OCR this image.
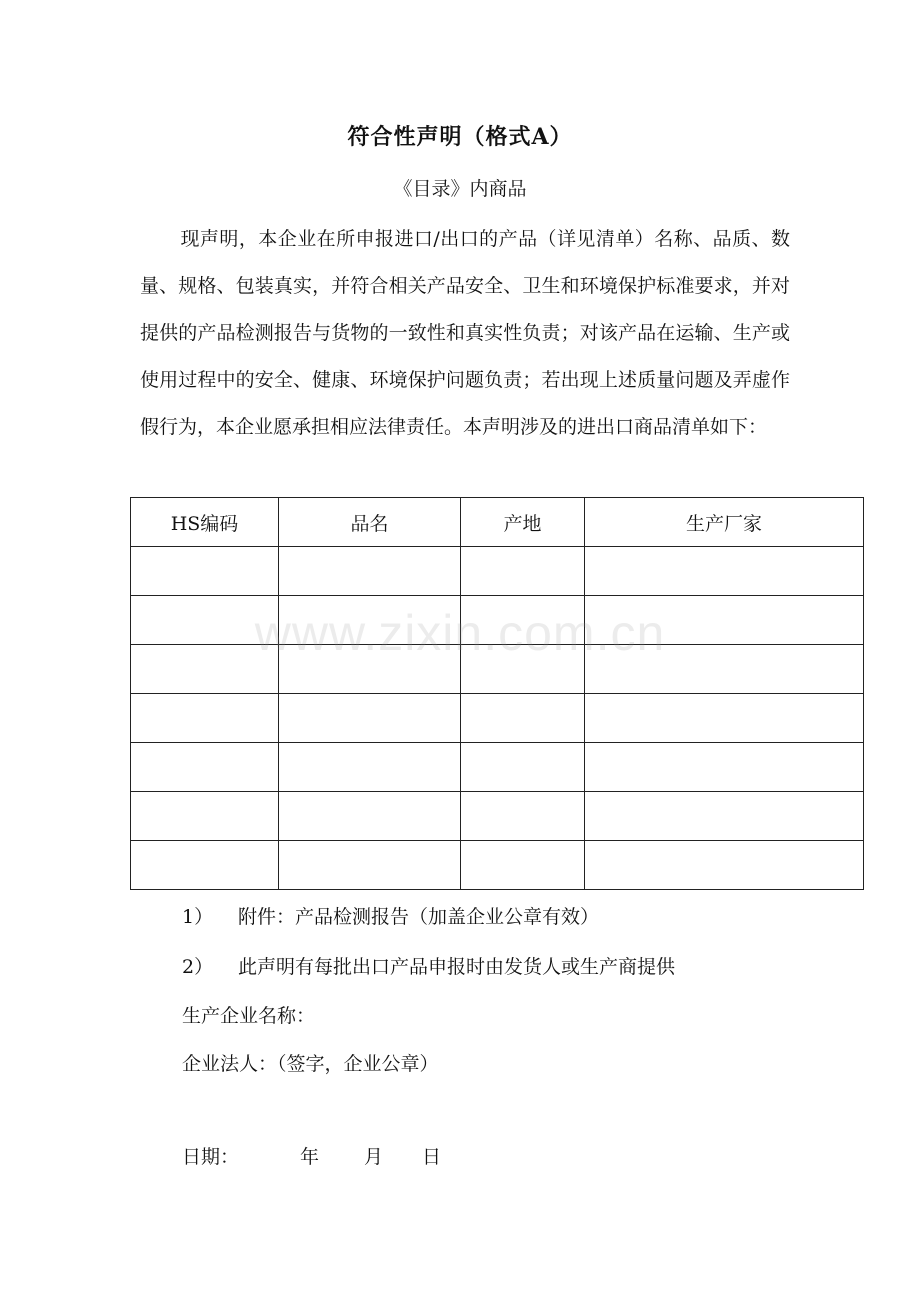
符合性声明（格式A）
《目录》内商品
现声明，本企业在所申报进口/出口的产品（详见清单）名称、品质、数量、规格、包装真实，并符合相关产品安全、卫生和环境保护标准要求，并对提供的产品检测报告与货物的一致性和真实性负责；对该产品在运输、生产或使用过程中的安全、健康、环境保护问题负责；若出现上述质量问题及弄虚作假行为，本企业愿承担相应法律责任。本声明涉及的进出口商品清单如下：
HS编码	品名	产地	生产厂家

1） 附件：产品检测报告（加盖企业公章有效）
2） 此声明有每批出口产品申报时由发货人或生产商提供
生产企业名称：
企业法人：（签字，企业公章）
日期：	年 月 日
www.zixin.com.cn
